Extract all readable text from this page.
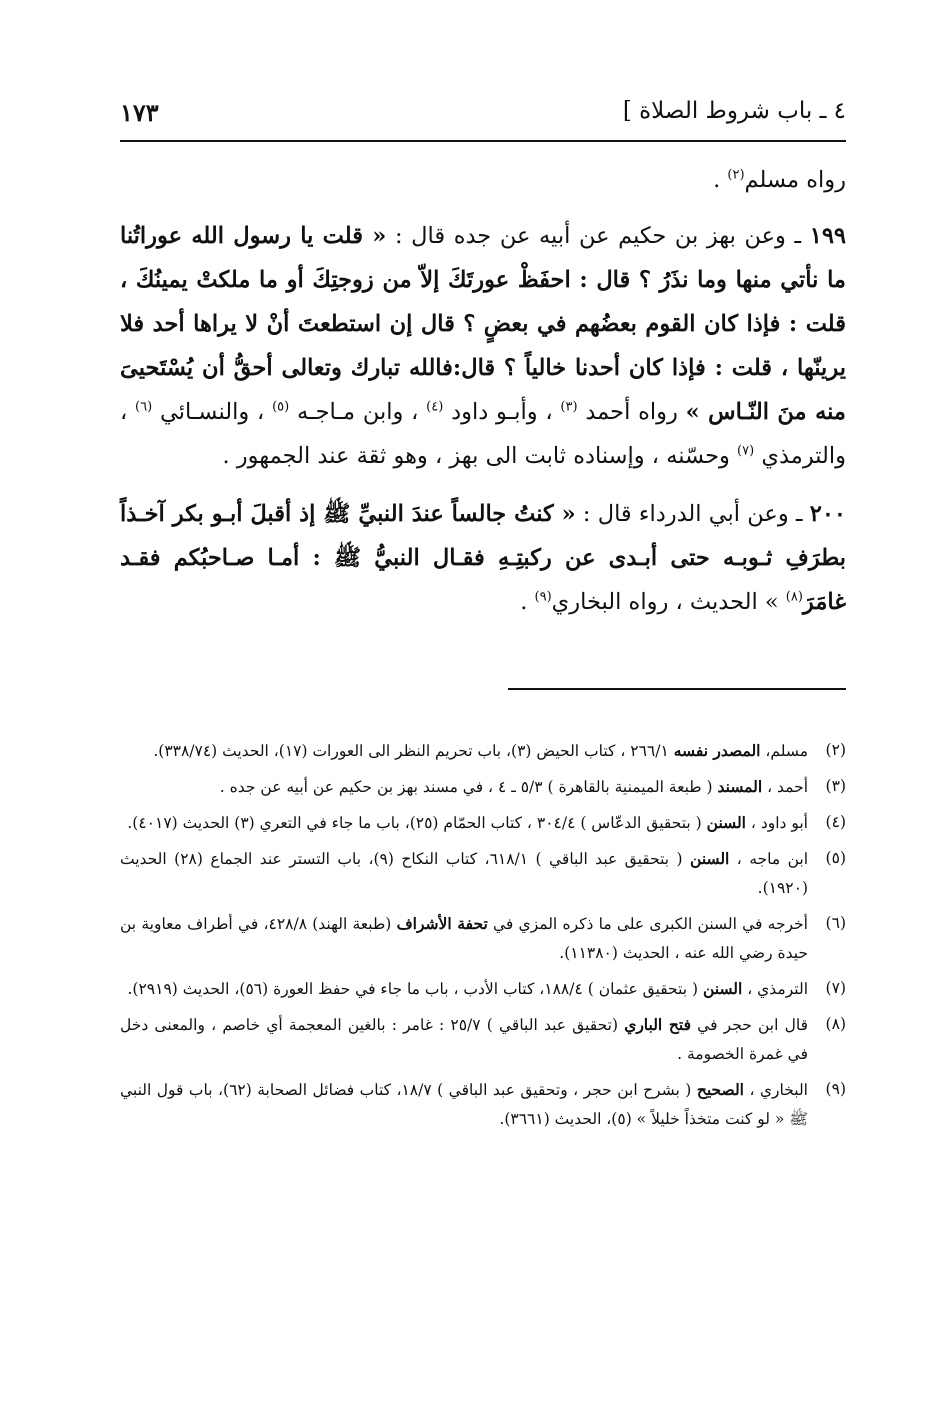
٤ ـ باب شروط الصلاة ]
١٧٣

رواه مسلم$^{(٢)}$ .

١٩٩ ـ وعن بهز بن حكيم عن أبيه عن جده قال : « قلت يا رسول الله عوراتُنا ما نأتي منها وما نذَرُ ؟ قال : احفَظْ عورتَكَ إلاّ من زوجتِكَ أو ما ملكتْ يمينُكَ ، قلت : فإذا كان القوم بعضُهم في بعضٍ ؟ قال إن استطعتَ أنْ لا يراها أحد فلا يرينّها ، قلت : فإذا كان أحدنا خالياً ؟ قال:فالله تبارك وتعالى أحقُّ أن يُسْتَحيىَ منه منَ النّـاس » رواه أحمد $^{(٣)}$ ، وأبـو داود $^{(٤)}$ ، وابن مـاجـه $^{(٥)}$ ، والنسـائي $^{(٦)}$ ، والترمذي $^{(٧)}$ وحسّنه ، وإسناده ثابت الى بهز ، وهو ثقة عند الجمهور .

٢٠٠ ـ وعن أبي الدرداء قال : « كنتُ جالساً عندَ النبيِّ ﷺ إذ أقبلَ أبـو بكر آخـذاً بطرَفِ ثـوبـه حتى أبـدى عن ركبتِـهِ فقـال النبيُّ ﷺ : أمـا صـاحبُكم فقـد غامَرَ$^{(٨)}$ » الحديث ، رواه البخاري$^{(٩)}$ .

(٢)
مسلم، المصدر نفسه ٢٦٦/١ ، كتاب الحيض (٣)، باب تحريم النظر الى العورات (١٧)، الحديث (٣٣٨/٧٤).
(٣)
أحمد ، المسند ( طبعة الميمنية بالقاهرة ) ٥/٣ ـ ٤ ، في مسند بهز بن حكيم عن أبيه عن جده .
(٤)
أبو داود ، السنن ( بتحقيق الدعّاس ) ٣٠٤/٤ ، كتاب الحمّام (٢٥)، باب ما جاء في التعري (٣) الحديث (٤٠١٧).
(٥)
ابن ماجه ، السنن ( بتحقيق عبد الباقي ) ٦١٨/١، كتاب النكاح (٩)، باب التستر عند الجماع (٢٨) الحديث (١٩٢٠).
(٦)
أخرجه في السنن الكبرى على ما ذكره المزي في تحفة الأشراف (طبعة الهند) ٤٢٨/٨، في أطراف معاوية بن حيدة رضي الله عنه ، الحديث (١١٣٨٠).
(٧)
الترمذي ، السنن ( بتحقيق عثمان ) ١٨٨/٤، كتاب الأدب ، باب ما جاء في حفظ العورة (٥٦)، الحديث (٢٩١٩).
(٨)
قال ابن حجر في فتح الباري (تحقيق عبد الباقي ) ٢٥/٧ : غامر : بالغين المعجمة أي خاصم ، والمعنى دخل في غمرة الخصومة .
(٩)
البخاري ، الصحيح ( بشرح ابن حجر ، وتحقيق عبد الباقي ) ١٨/٧، كتاب فضائل الصحابة (٦٢)، باب قول النبي ﷺ « لو كنت متخذاً خليلاً » (٥)، الحديث (٣٦٦١).
